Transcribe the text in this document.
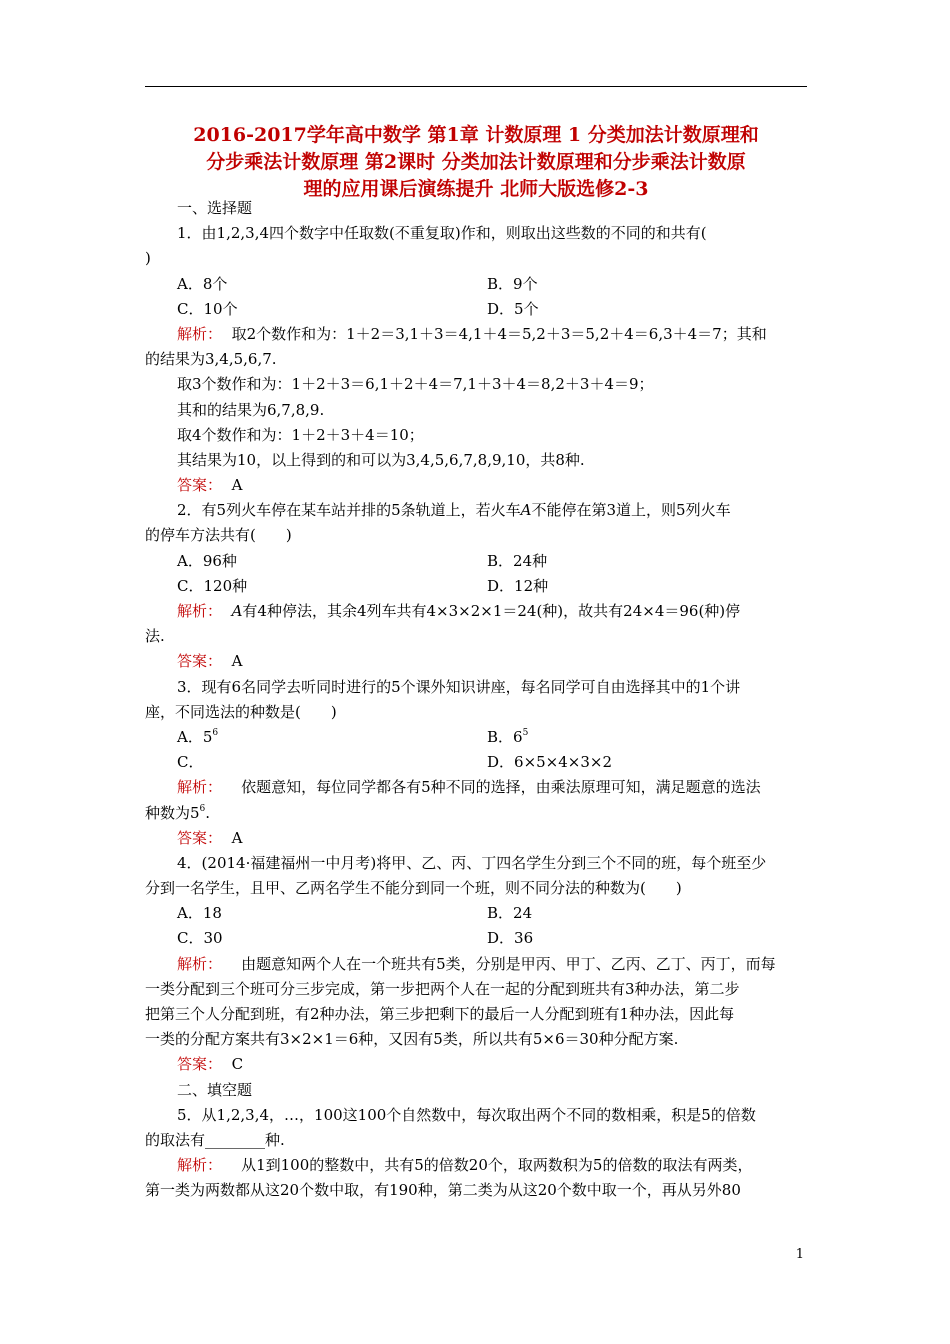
2016-2017学年高中数学 第1章 计数原理 1 分类加法计数原理和
分步乘法计数原理 第2课时 分类加法计数原理和分步乘法计数原
理的应用课后演练提升 北师大版选修2-3
一、选择题
1．由1,2,3,4四个数字中任取数(不重复取)作和，则取出这些数的不同的和共有(
)
A．8个	B．9个
C．10个	D．5个
解析： 取2个数作和为：1＋2＝3,1＋3＝4,1＋4＝5,2＋3＝5,2＋4＝6,3＋4＝7；其和
的结果为3,4,5,6,7.
取3个数作和为：1＋2＋3＝6,1＋2＋4＝7,1＋3＋4＝8,2＋3＋4＝9；
其和的结果为6,7,8,9.
取4个数作和为：1＋2＋3＋4＝10；
其结果为10，以上得到的和可以为3,4,5,6,7,8,9,10，共8种.
答案： A
2．有5列火车停在某车站并排的5条轨道上，若火车A不能停在第3道上，则5列火车
的停车方法共有(　　)
A．96种	B．24种
C．120种	D．12种
解析： A有4种停法，其余4列车共有4×3×2×1＝24(种)，故共有24×4＝96(种)停
法.
答案： A
3．现有6名同学去听同时进行的5个课外知识讲座，每名同学可自由选择其中的1个讲
座，不同选法的种数是(　　)
A．$5^6$	B．$6^5$
C．	D．6×5×4×3×2
解析： 依题意知，每位同学都各有5种不同的选择，由乘法原理可知，满足题意的选法
种数为$5^6$.
答案： A
4．(2014·福建福州一中月考)将甲、乙、丙、丁四名学生分到三个不同的班，每个班至少
分到一名学生，且甲、乙两名学生不能分到同一个班，则不同分法的种数为(　　)
A．18	B．24
C．30	D．36
解析： 由题意知两个人在一个班共有5类，分别是甲丙、甲丁、乙丙、乙丁、丙丁，而每
一类分配到三个班可分三步完成，第一步把两个人在一起的分配到班共有3种办法，第二步
把第三个人分配到班，有2种办法，第三步把剩下的最后一人分配到班有1种办法，因此每
一类的分配方案共有3×2×1＝6种，又因有5类，所以共有5×6＝30种分配方案.
答案： C
二、填空题
5．从1,2,3,4，…，100这100个自然数中，每次取出两个不同的数相乘，积是5的倍数
的取法有________种.
解析： 从1到100的整数中，共有5的倍数20个，取两数积为5的倍数的取法有两类，
第一类为两数都从这20个数中取，有190种，第二类为从这20个数中取一个，再从另外80
1
